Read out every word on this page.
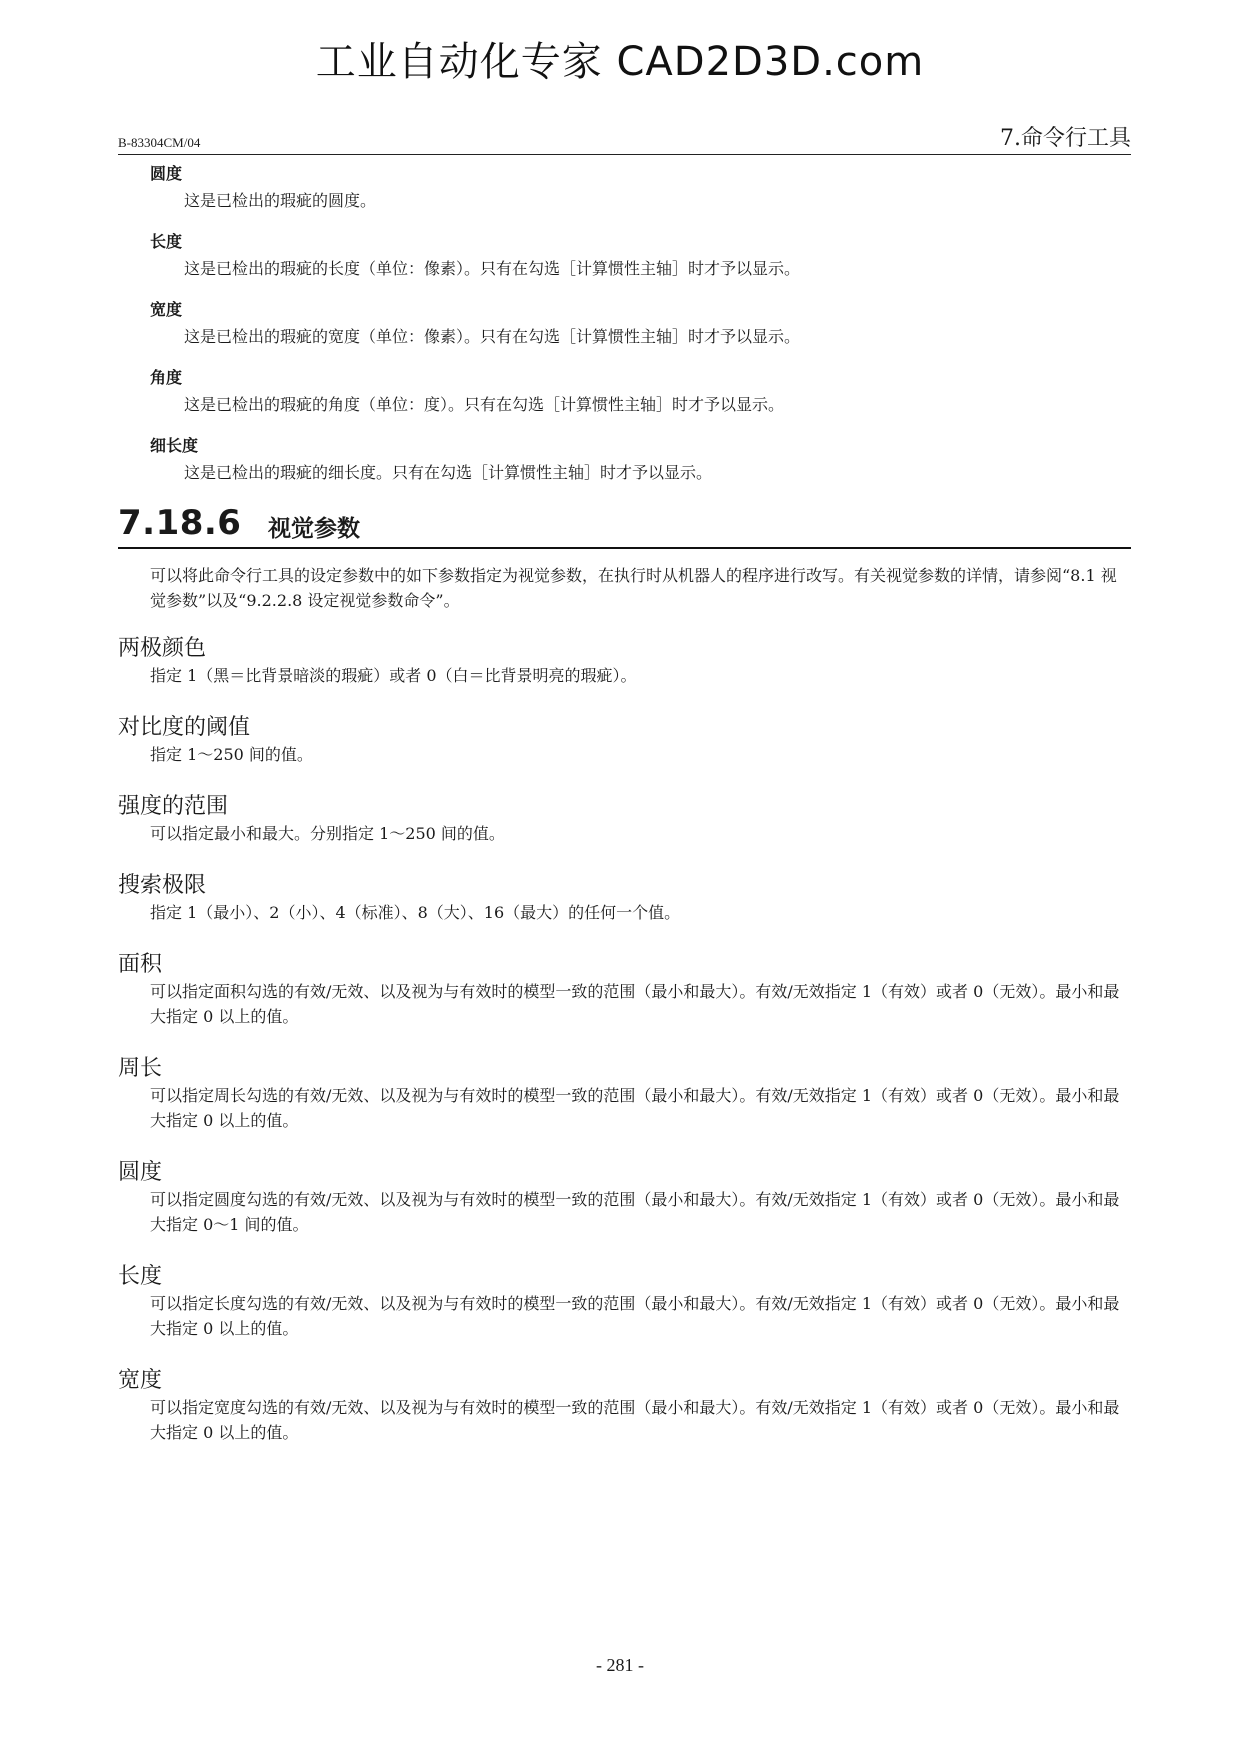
工业自动化专家 CAD2D3D.com
B-83304CM/04	7.命令行工具
圆度
这是已检出的瑕疵的圆度。
长度
这是已检出的瑕疵的长度（单位：像素）。只有在勾选［计算惯性主轴］时才予以显示。
宽度
这是已检出的瑕疵的宽度（单位：像素）。只有在勾选［计算惯性主轴］时才予以显示。
角度
这是已检出的瑕疵的角度（单位：度）。只有在勾选［计算惯性主轴］时才予以显示。
细长度
这是已检出的瑕疵的细长度。只有在勾选［计算惯性主轴］时才予以显示。
7.18.6 视觉参数
可以将此命令行工具的设定参数中的如下参数指定为视觉参数，在执行时从机器人的程序进行改写。有关视觉参数的详情，请参阅“8.1 视觉参数”以及“9.2.2.8 设定视觉参数命令”。
两极颜色
指定 1（黑＝比背景暗淡的瑕疵）或者 0（白＝比背景明亮的瑕疵）。
对比度的阈值
指定 1～250 间的值。
强度的范围
可以指定最小和最大。分别指定 1～250 间的值。
搜索极限
指定 1（最小）、2（小）、4（标准）、8（大）、16（最大）的任何一个值。
面积
可以指定面积勾选的有效/无效、以及视为与有效时的模型一致的范围（最小和最大）。有效/无效指定 1（有效）或者 0（无效）。最小和最大指定 0 以上的值。
周长
可以指定周长勾选的有效/无效、以及视为与有效时的模型一致的范围（最小和最大）。有效/无效指定 1（有效）或者 0（无效）。最小和最大指定 0 以上的值。
圆度
可以指定圆度勾选的有效/无效、以及视为与有效时的模型一致的范围（最小和最大）。有效/无效指定 1（有效）或者 0（无效）。最小和最大指定 0～1 间的值。
长度
可以指定长度勾选的有效/无效、以及视为与有效时的模型一致的范围（最小和最大）。有效/无效指定 1（有效）或者 0（无效）。最小和最大指定 0 以上的值。
宽度
可以指定宽度勾选的有效/无效、以及视为与有效时的模型一致的范围（最小和最大）。有效/无效指定 1（有效）或者 0（无效）。最小和最大指定 0 以上的值。
- 281 -
